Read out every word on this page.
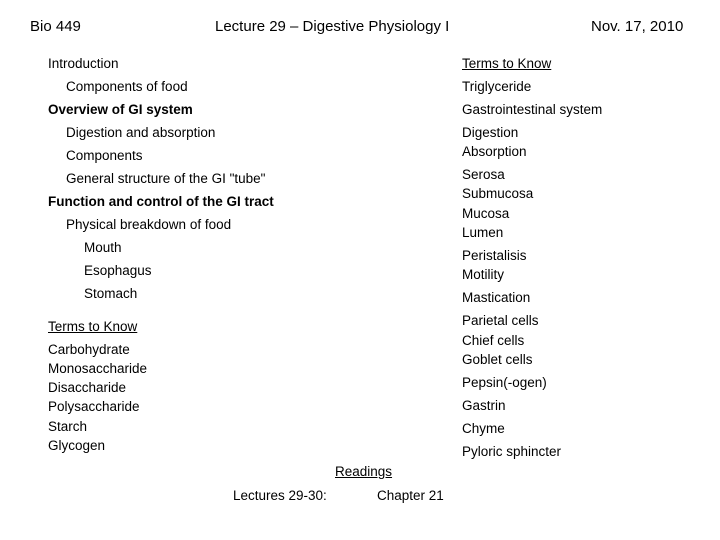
Bio 449	Lecture 29 – Digestive Physiology I	Nov. 17, 2010
Introduction
Components of food
Overview of GI system
Digestion and absorption
Components
General structure of the GI "tube"
Function and control of the GI tract
Physical breakdown of food
Mouth
Esophagus
Stomach
Terms to Know
Carbohydrate
Monosaccharide
Disaccharide
Polysaccharide
Starch
Glycogen
Terms to Know
Triglyceride
Gastrointestinal system
Digestion
Absorption
Serosa
Submucosa
Mucosa
Lumen
Peristalisis
Motility
Mastication
Parietal cells
Chief cells
Goblet cells
Pepsin(-ogen)
Gastrin
Chyme
Pyloric sphincter
Readings
Lectures 29-30:	Chapter 21
